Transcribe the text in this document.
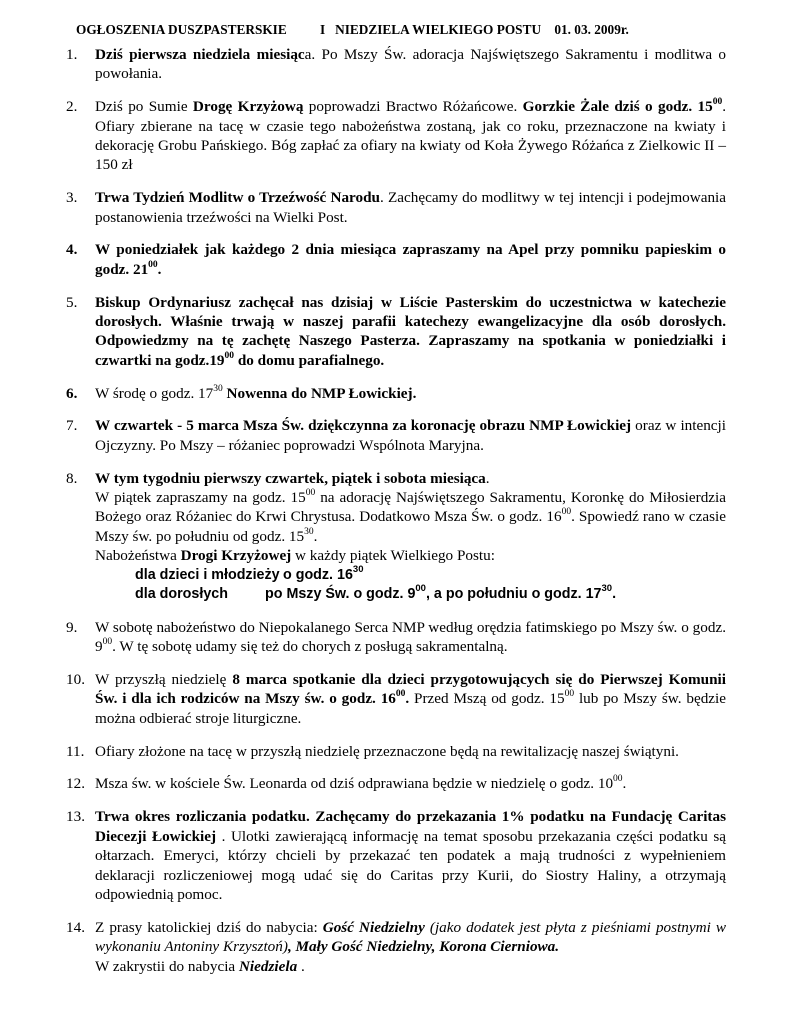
OGŁOSZENIA DUSZPASTERSKIE	I   NIEDZIELA WIELKIEGO POSTU 01. 03. 2009r.
1. Dziś pierwsza niedziela miesiąca. Po Mszy Św. adoracja Najświętszego Sakramentu i modlitwa o powołania.
2. Dziś po Sumie Drogę Krzyżową poprowadzi Bractwo Różańcowe. Gorzkie Żale dziś o godz. $15^{00}$. Ofiary zbierane na tacę w czasie tego nabożeństwa zostaną, jak co roku, przeznaczone na kwiaty i dekorację Grobu Pańskiego. Bóg zapłać za ofiary na kwiaty od Koła Żywego Różańca z Zielkowic II – 150 zł
3. Trwa Tydzień Modlitw o Trzeźwość Narodu. Zachęcamy do modlitwy w tej intencji i podejmowania postanowienia trzeźwości na Wielki Post.
4. W poniedziałek jak każdego 2 dnia miesiąca zapraszamy na Apel przy pomniku papieskim o godz. $21^{00}$.
5. Biskup Ordynariusz zachęcał nas dzisiaj w Liście Pasterskim do uczestnictwa w katechezie dorosłych. Właśnie trwają w naszej parafii katechezy ewangelizacyjne dla osób dorosłych. Odpowiedzmy na tę zachętę Naszego Pasterza. Zapraszamy na spotkania w poniedziałki i czwartki na $godz.19^{00}$ do domu parafialnego.
6. W środę o godz. $17^{30}$ Nowenna do NMP Łowickiej.
7. W czwartek - 5 marca Msza Św. dziękczynna za koronację obrazu NMP Łowickiej oraz w intencji Ojczyzny. Po Mszy – różaniec poprowadzi Wspólnota Maryjna.
8. W tym tygodniu pierwszy czwartek, piątek i sobota miesiąca.
W piątek zapraszamy na godz. $15^{00}$ na adorację Najświętszego Sakramentu, Koronkę do Miłosierdzia Bożego oraz Różaniec do Krwi Chrystusa. Dodatkowo Msza Św. o godz. $16^{00}$. Spowiedź rano w czasie Mszy św. po południu od godz. $15^{30}$.
Nabożeństwa Drogi Krzyżowej w każdy piątek Wielkiego Postu:
dla dzieci i młodzieży o godz. $16^{30}$
dla dorosłych	po Mszy Św. o godz. $9^{00}$, a po południu o godz. $17^{30}$.
9. W sobotę nabożeństwo do Niepokalanego Serca NMP według orędzia fatimskiego po Mszy św. o godz. $9^{00}$. W tę sobotę udamy się też do chorych z posługą sakramentalną.
10. W przyszłą niedzielę 8 marca spotkanie dla dzieci przygotowujących się do Pierwszej Komunii Św. i dla ich rodziców na Mszy św. o godz. $16^{00}$. Przed Mszą od godz. $15^{00}$ lub po Mszy św. będzie można odbierać stroje liturgiczne.
11. Ofiary złożone na tacę w przyszłą niedzielę przeznaczone będą na rewitalizację naszej świątyni.
12. Msza św. w kościele Św. Leonarda od dziś odprawiana będzie w niedzielę o godz. $10^{00}$.
13. Trwa okres rozliczania podatku. Zachęcamy do przekazania 1% podatku na Fundację Caritas Diecezji Łowickiej . Ulotki zawierającą informację na temat sposobu przekazania części podatku są ołtarzach. Emeryci, którzy chcieli by przekazać ten podatek a mają trudności z wypełnieniem deklaracji rozliczeniowej mogą udać się do Caritas przy Kurii, do Siostry Haliny, a otrzymają odpowiednią pomoc.
14. Z prasy katolickiej dziś do nabycia: Gość Niedzielny (jako dodatek jest płyta z pieśniami postnymi w wykonaniu Antoniny Krzysztoń), Mały Gość Niedzielny, Korona Cierniowa.
W zakrystii do nabycia Niedziela .
